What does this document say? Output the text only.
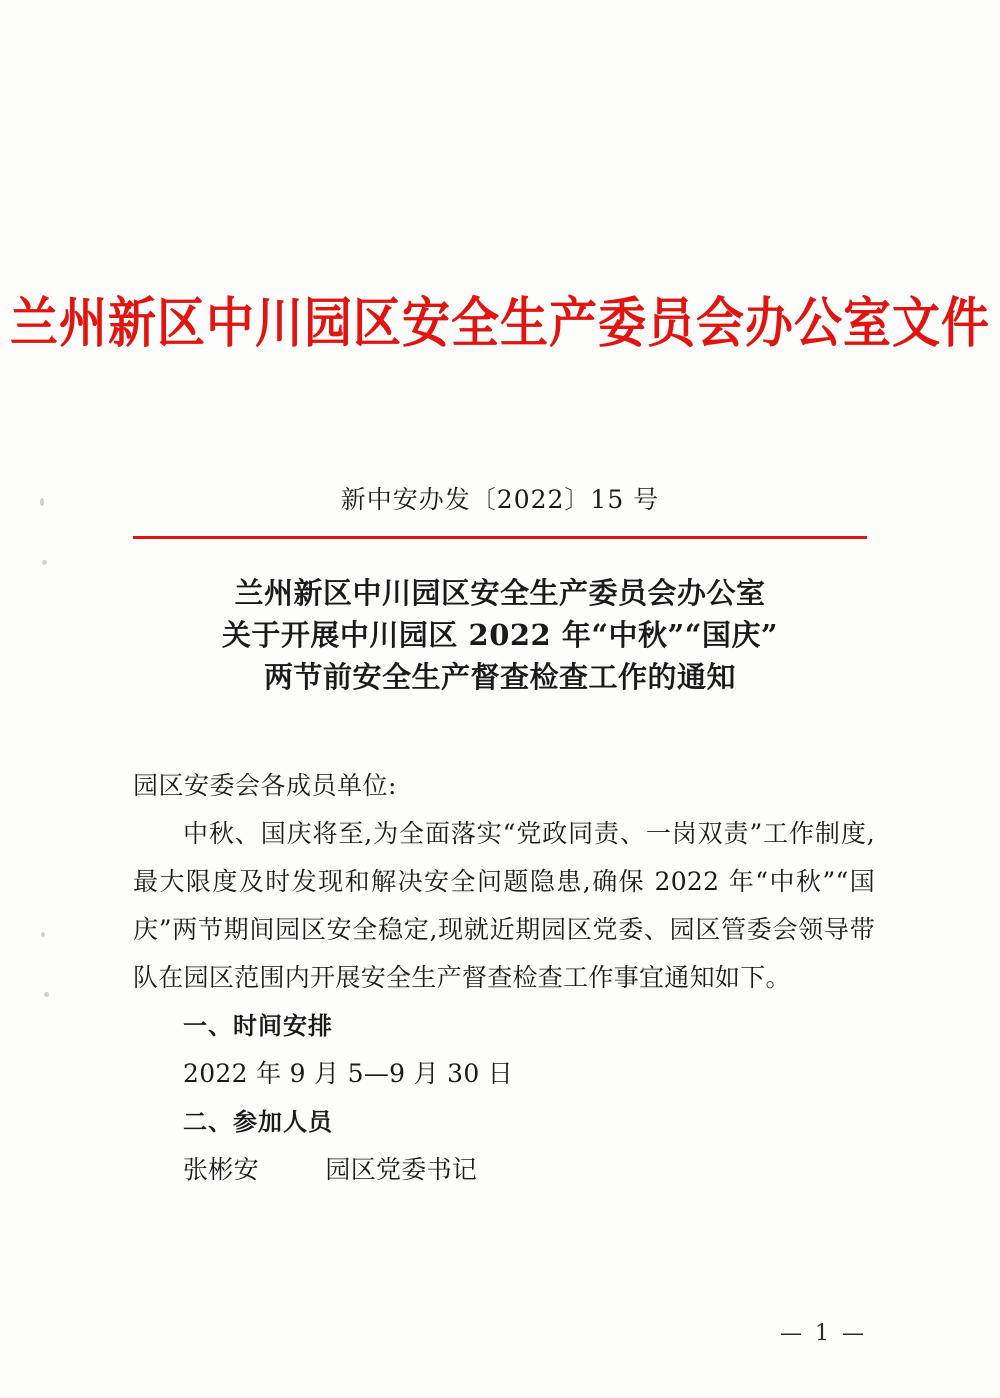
兰州新区中川园区安全生产委员会办公室文件
新中安办发〔2022〕15 号
兰州新区中川园区安全生产委员会办公室
关于开展中川园区 2022 年“中秋”“国庆”
两节前安全生产督查检查工作的通知
园区安委会各成员单位:
中秋、国庆将至,为全面落实“党政同责、一岗双责”工作制度,最大限度及时发现和解决安全问题隐患,确保 2022 年“中秋”“国庆”两节期间园区安全稳定,现就近期园区党委、园区管委会领导带队在园区范围内开展安全生产督查检查工作事宜通知如下。
一、时间安排
2022 年 9 月 5—9 月 30 日
二、参加人员
张彬安	园区党委书记
— 1 —
